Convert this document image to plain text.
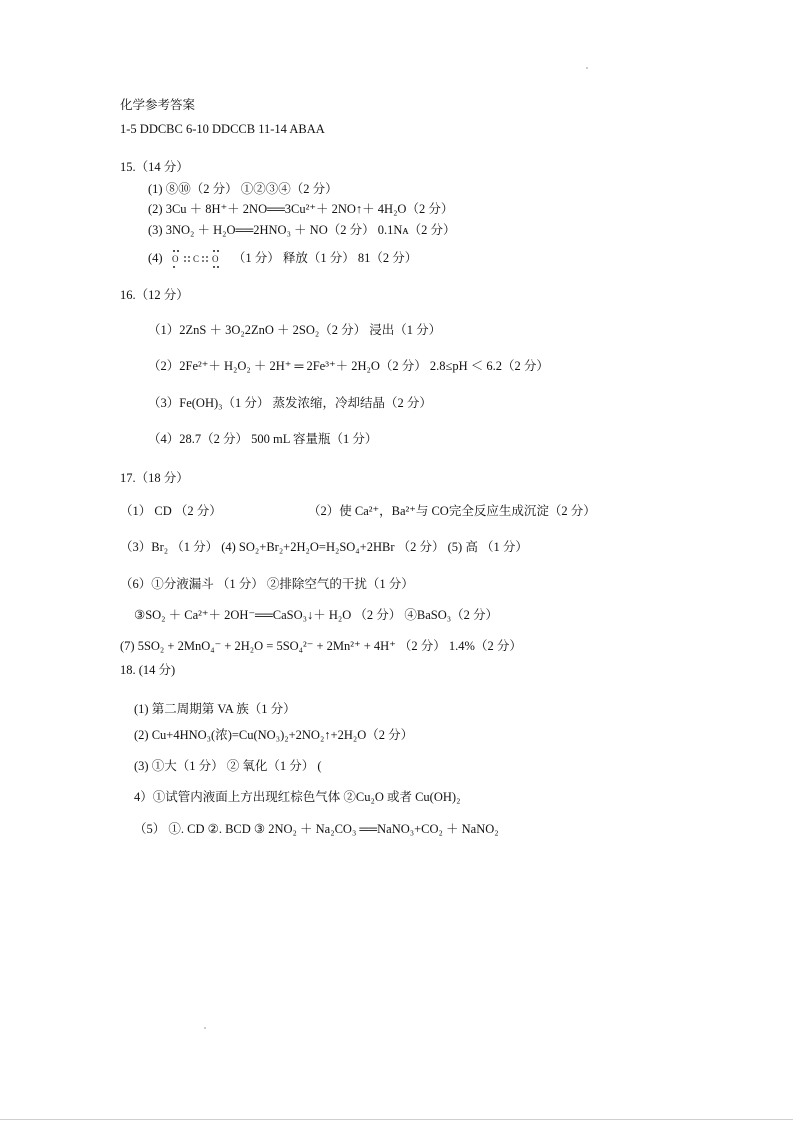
化学参考答案
1-5 DDCBC 6-10 DDCCB 11-14 ABAA
15.（14 分）
(1) ⑧⑩（2 分） ①②③④（2 分）
(2) 3Cu ＋ 8H⁺＋ 2NO══3Cu²⁺＋ 2NO↑＋ 4H₂O（2 分）
(3) 3NO₂ ＋ H₂O══2HNO₃ ＋ NO（2 分） 0.1Nᴀ（2 分）
(4) O C O （1 分） 释放（1 分） 81（2 分）
16.（12 分）
（1）2ZnS ＋ 3O₂2ZnO ＋ 2SO₂（2 分） 浸出（1 分）
（2）2Fe²⁺＋ H₂O₂ ＋ 2H⁺ ═ 2Fe³⁺＋ 2H₂O（2 分） 2.8≤pH ＜ 6.2（2 分）
（3）Fe(OH)₃（1 分） 蒸发浓缩，冷却结晶（2 分）
（4）28.7（2 分） 500 mL 容量瓶（1 分）
17.（18 分）
（1） CD （2 分）	（2）使 Ca²⁺，Ba²⁺与 CO完全反应生成沉淀（2 分）
（3）Br₂ （1 分） (4) SO₂+Br₂+2H₂O=H₂SO₄+2HBr （2 分） (5) 高 （1 分）
（6）①分液漏斗 （1 分） ②排除空气的干扰（1 分）
③SO₂ ＋ Ca²⁺＋ 2OH⁻══CaSO₃↓＋ H₂O （2 分） ④BaSO₃（2 分）
(7) 5SO₂ + 2MnO₄⁻ + 2H₂O = 5SO₄²⁻ + 2Mn²⁺ + 4H⁺ （2 分） 1.4%（2 分）
18. (14 分)
(1) 第二周期第 VA 族（1 分）
(2) Cu+4HNO₃(浓)=Cu(NO₃)₂+2NO₂↑+2H₂O（2 分）
(3) ①大（1 分） ② 氧化（1 分） (
4）①试管内液面上方出现红棕色气体 ②Cu₂O 或者 Cu(OH)₂
（5） ①. CD ②. BCD ③ 2NO₂ ＋ Na₂CO₃ ══NaNO₃+CO₂ ＋ NaNO₂
